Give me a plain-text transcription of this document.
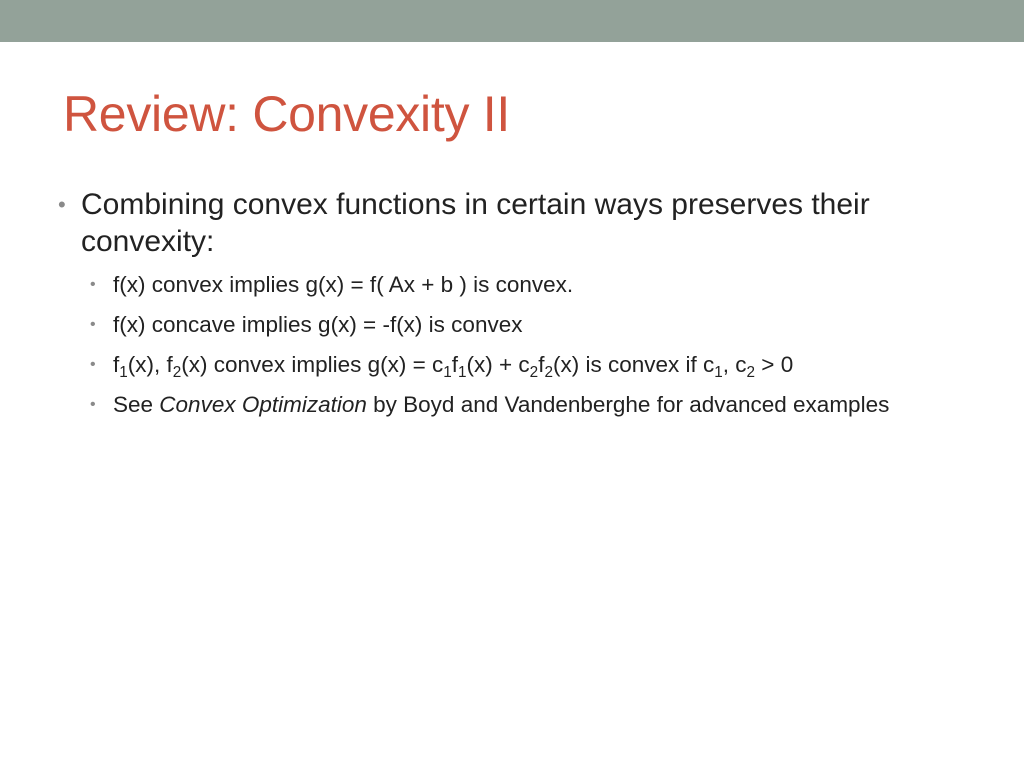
Review: Convexity II
• Combining convex functions in certain ways preserves their convexity:
• f(x) convex implies g(x) = f( Ax + b ) is convex.
• f(x) concave implies g(x) = -f(x) is convex
• $f_1(x)$, $f_2(x)$ convex implies $g(x) = c_1f_1(x) + c_2f_2(x)$ is convex if $c_1$, $c_2 > 0$
• See Convex Optimization by Boyd and Vandenberghe for advanced examples
